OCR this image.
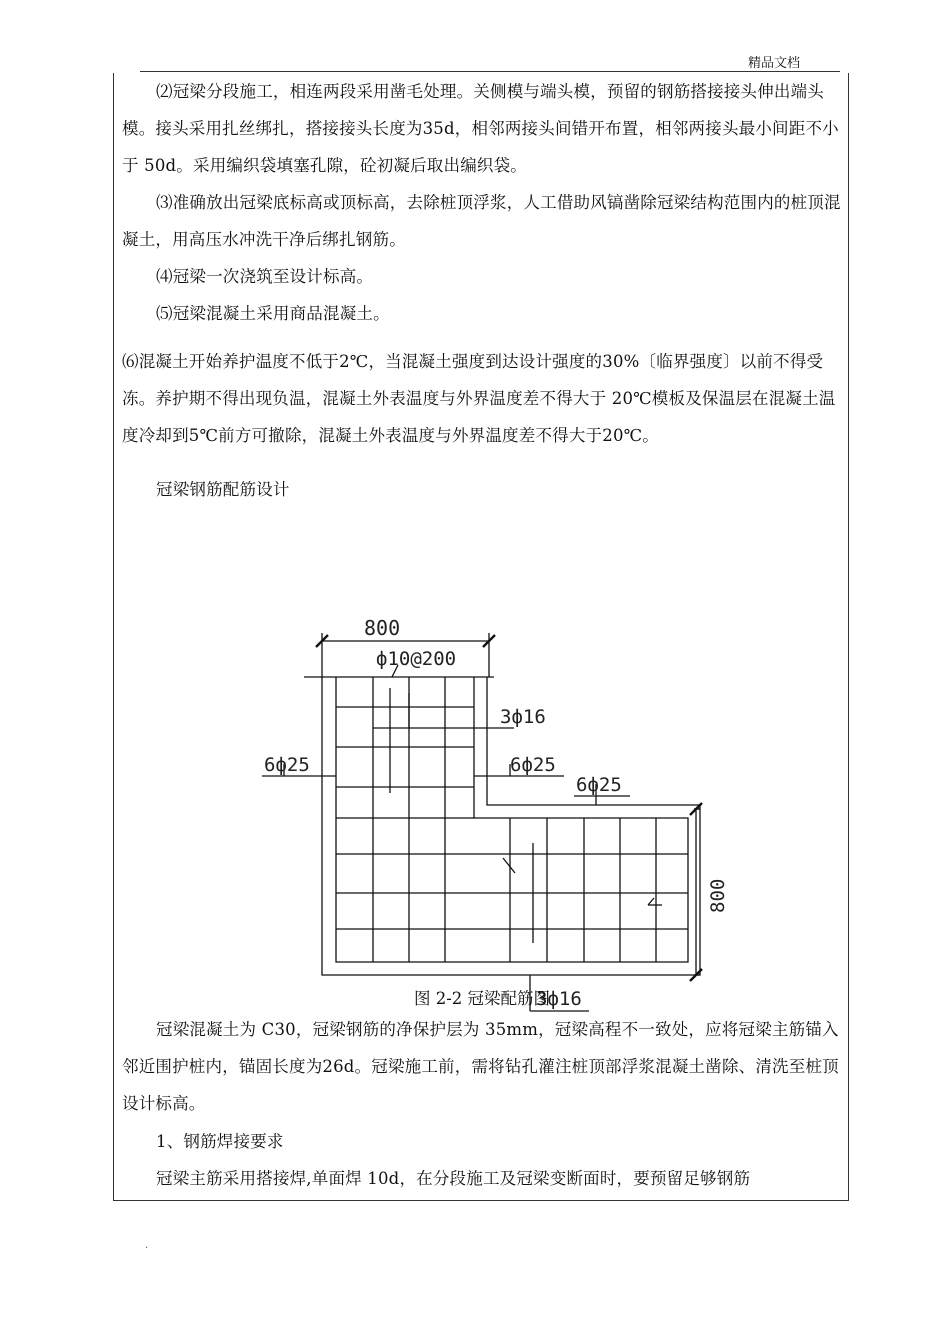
精品文档

⑵冠梁分段施工，相连两段采用凿毛处理。关侧模与端头模，预留的钢筋搭接接头伸出端头模。接头采用扎丝绑扎，搭接接头长度为35d，相邻两接头间错开布置，相邻两接头最小间距不小于 50d。采用编织袋填塞孔隙，砼初凝后取出编织袋。

⑶准确放出冠梁底标高或顶标高，去除桩顶浮浆，人工借助风镐凿除冠梁结构范围内的桩顶混凝土，用高压水冲洗干净后绑扎钢筋。

⑷冠梁一次浇筑至设计标高。

⑸冠梁混凝土采用商品混凝土。

⑹混凝土开始养护温度不低于2℃，当混凝土强度到达设计强度的30%〔临界强度〕以前不得受冻。养护期不得出现负温，混凝土外表温度与外界温度差不得大于 20℃模板及保温层在混凝土温度冷却到5℃前方可撤除，混凝土外表温度与外界温度差不得大于20℃。

冠梁钢筋配筋设计

800
ф10@200
3ф16
6ф25	6ф25
6ф25
800
3ф16
图 2-2 冠梁配筋图

冠梁混凝土为 C30，冠梁钢筋的净保护层为 35mm，冠梁高程不一致处，应将冠梁主筋锚入邻近围护桩内，锚固长度为26d。冠梁施工前，需将钻孔灌注桩顶部浮浆混凝土凿除、清洗至桩顶设计标高。

1、钢筋焊接要求

冠梁主筋采用搭接焊,单面焊 10d，在分段施工及冠梁变断面时，要预留足够钢筋

.
